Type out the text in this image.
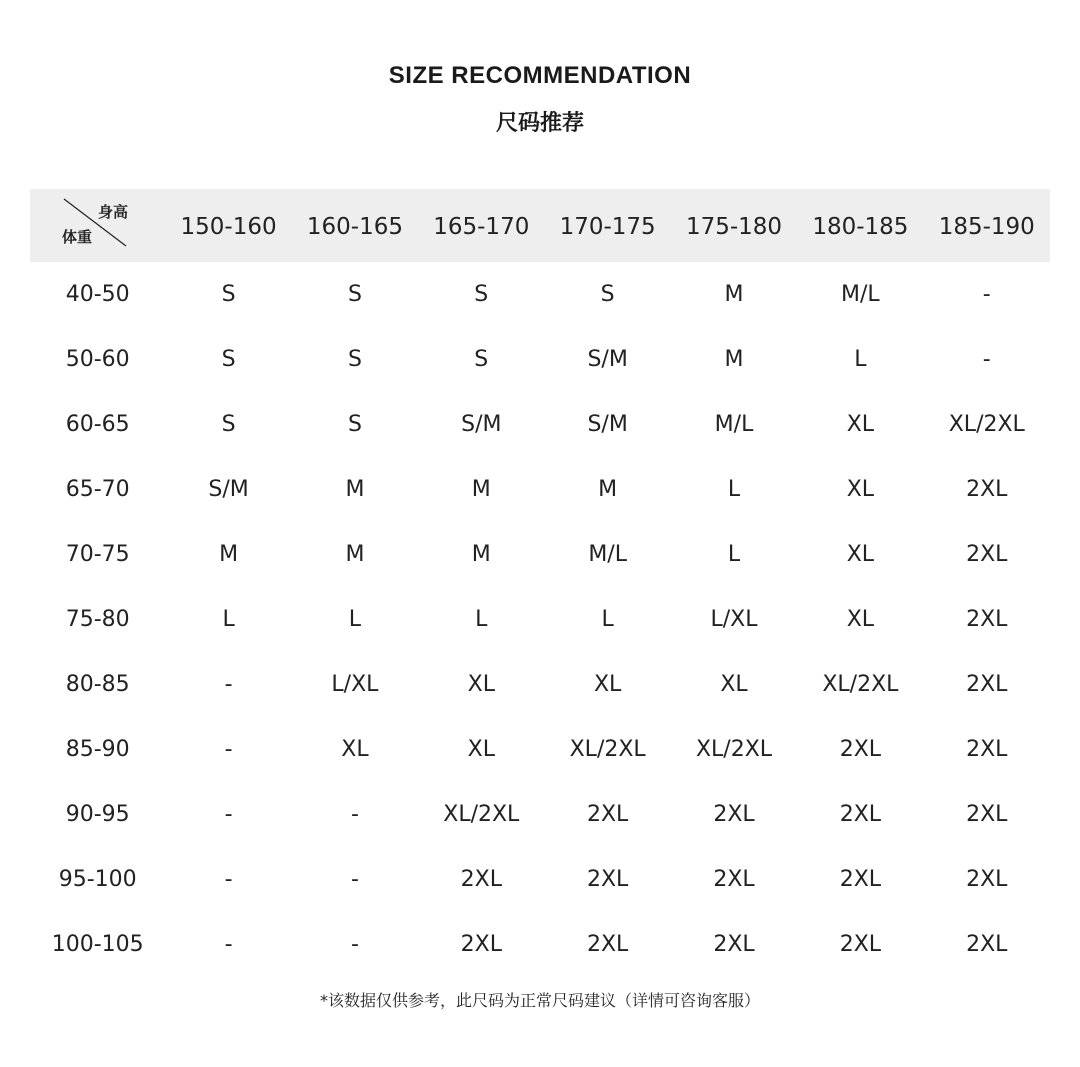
SIZE RECOMMENDATION
尺码推荐
身高
体重	150-160	160-165	165-170	170-175	175-180	180-185	185-190
40-50	S	S	S	S	M	M/L	-
50-60	S	S	S	S/M	M	L	-
60-65	S	S	S/M	S/M	M/L	XL	XL/2XL
65-70	S/M	M	M	M	L	XL	2XL
70-75	M	M	M	M/L	L	XL	2XL
75-80	L	L	L	L	L/XL	XL	2XL
80-85	-	L/XL	XL	XL	XL	XL/2XL	2XL
85-90	-	XL	XL	XL/2XL	XL/2XL	2XL	2XL
90-95	-	-	XL/2XL	2XL	2XL	2XL	2XL
95-100	-	-	2XL	2XL	2XL	2XL	2XL
100-105	-	-	2XL	2XL	2XL	2XL	2XL
*该数据仅供参考，此尺码为正常尺码建议（详情可咨询客服）
